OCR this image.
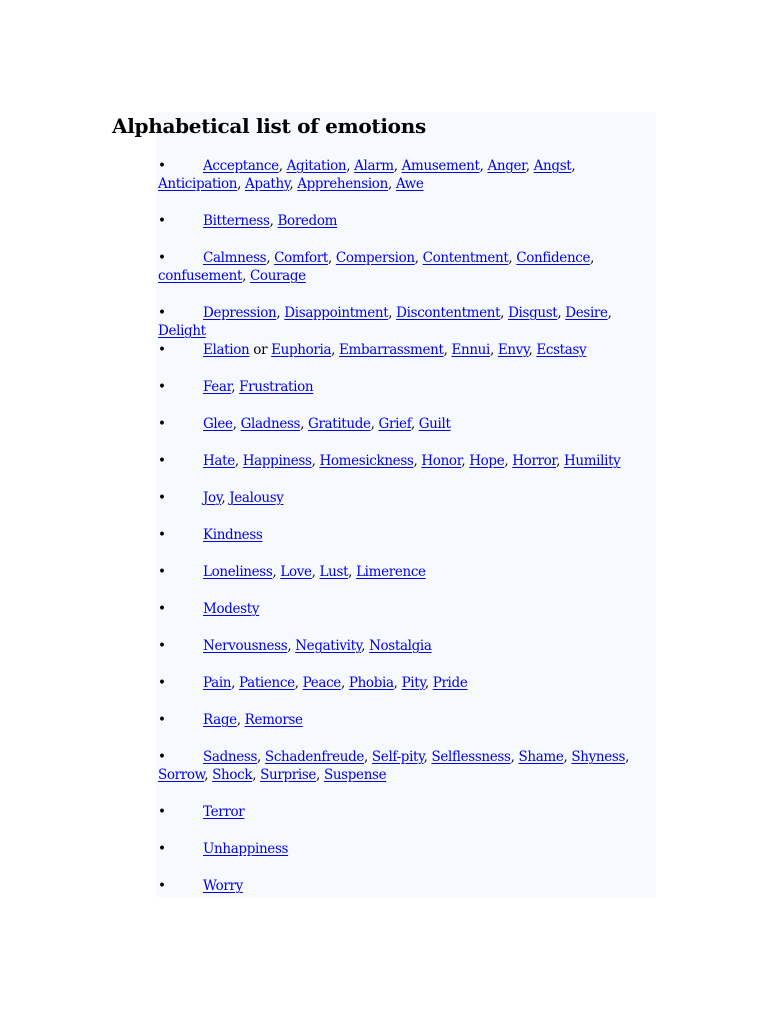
Alphabetical list of emotions
•	Acceptance, Agitation, Alarm, Amusement, Anger, Angst, Anticipation, Apathy, Apprehension, Awe
•	Bitterness, Boredom
•	Calmness, Comfort, Compersion, Contentment, Confidence, confusement, Courage
•	Depression, Disappointment, Discontentment, Disgust, Desire, Delight
•	Elation or Euphoria, Embarrassment, Ennui, Envy, Ecstasy
•	Fear, Frustration
•	Glee, Gladness, Gratitude, Grief, Guilt
•	Hate, Happiness, Homesickness, Honor, Hope, Horror, Humility
•	Joy, Jealousy
•	Kindness
•	Loneliness, Love, Lust, Limerence
•	Modesty
•	Nervousness, Negativity, Nostalgia
•	Pain, Patience, Peace, Phobia, Pity, Pride
•	Rage, Remorse
•	Sadness, Schadenfreude, Self-pity, Selflessness, Shame, Shyness, Sorrow, Shock, Surprise, Suspense
•	Terror
•	Unhappiness
•	Worry
